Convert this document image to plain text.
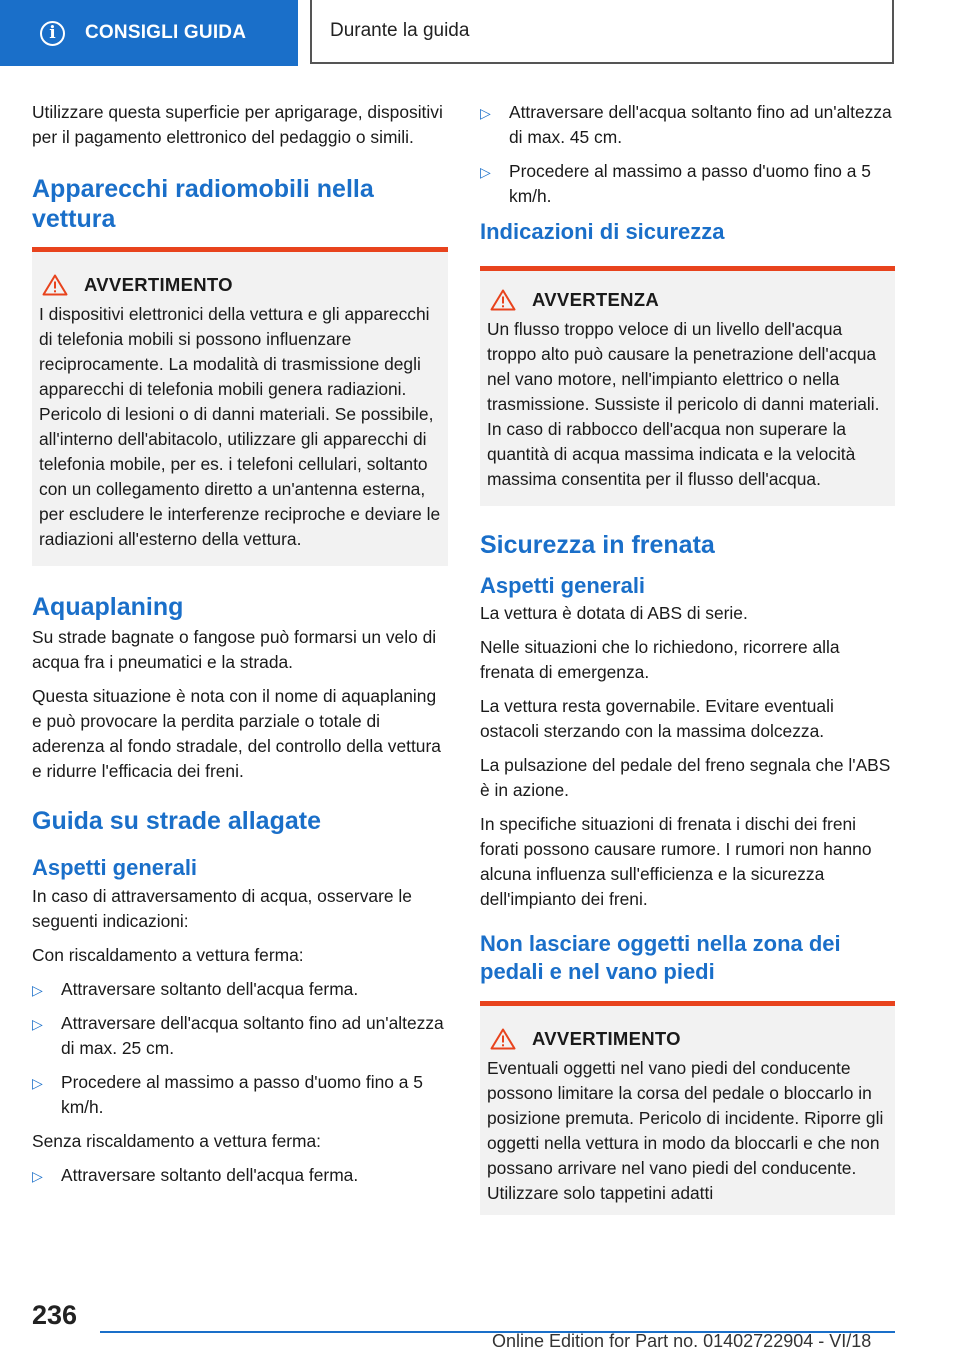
i	CONSIGLI GUIDA	Durante la guida

Utilizzare questa superficie per aprigarage, dispositivi per il pagamento elettronico del pedaggio o simili.

Apparecchi radiomobili nella vettura
AVVERTIMENTO

I dispositivi elettronici della vettura e gli apparecchi di telefonia mobili si possono influenzare reciprocamente. La modalità di trasmissione degli apparecchi di telefonia mobili genera radiazioni. Pericolo di lesioni o di danni materiali. Se possibile, all'interno dell'abitacolo, utilizzare gli apparecchi di telefonia mobile, per es. i telefoni cellulari, soltanto con un collegamento diretto a un'antenna esterna, per escludere le interferenze reciproche e deviare le radiazioni all'esterno della vettura.

Aquaplaning

Su strade bagnate o fangose può formarsi un velo di acqua fra i pneumatici e la strada.

Questa situazione è nota con il nome di aquaplaning e può provocare la perdita parziale o totale di aderenza al fondo stradale, del controllo della vettura e ridurre l'efficacia dei freni.

Guida su strade allagate
Aspetti generali

In caso di attraversamento di acqua, osservare le seguenti indicazioni:

Con riscaldamento a vettura ferma:

▷ Attraversare soltanto dell'acqua ferma.
▷ Attraversare dell'acqua soltanto fino ad un'altezza di max. 25 cm.
▷ Procedere al massimo a passo d'uomo fino a 5 km/h.

Senza riscaldamento a vettura ferma:

▷ Attraversare soltanto dell'acqua ferma.
▷ Attraversare dell'acqua soltanto fino ad un'altezza di max. 45 cm.
▷ Procedere al massimo a passo d'uomo fino a 5 km/h.
Indicazioni di sicurezza
AVVERTENZA

Un flusso troppo veloce di un livello dell'acqua troppo alto può causare la penetrazione dell'acqua nel vano motore, nell'impianto elettrico o nella trasmissione. Sussiste il pericolo di danni materiali. In caso di rabbocco dell'acqua non superare la quantità di acqua massima indicata e la velocità massima consentita per il flusso dell'acqua.

Sicurezza in frenata
Aspetti generali

La vettura è dotata di ABS di serie.

Nelle situazioni che lo richiedono, ricorrere alla frenata di emergenza.

La vettura resta governabile. Evitare eventuali ostacoli sterzando con la massima dolcezza.

La pulsazione del pedale del freno segnala che l'ABS è in azione.

In specifiche situazioni di frenata i dischi dei freni forati possono causare rumore. I rumori non hanno alcuna influenza sull'efficienza e la sicurezza dell'impianto dei freni.

Non lasciare oggetti nella zona dei pedali e nel vano piedi
AVVERTIMENTO

Eventuali oggetti nel vano piedi del conducente possono limitare la corsa del pedale o bloccarlo in posizione premuta. Pericolo di incidente. Riporre gli oggetti nella vettura in modo da bloccarli e che non possano arrivare nel vano piedi del conducente. Utilizzare solo tappetini adatti

236
Online Edition for Part no. 01402722904 - VI/18
